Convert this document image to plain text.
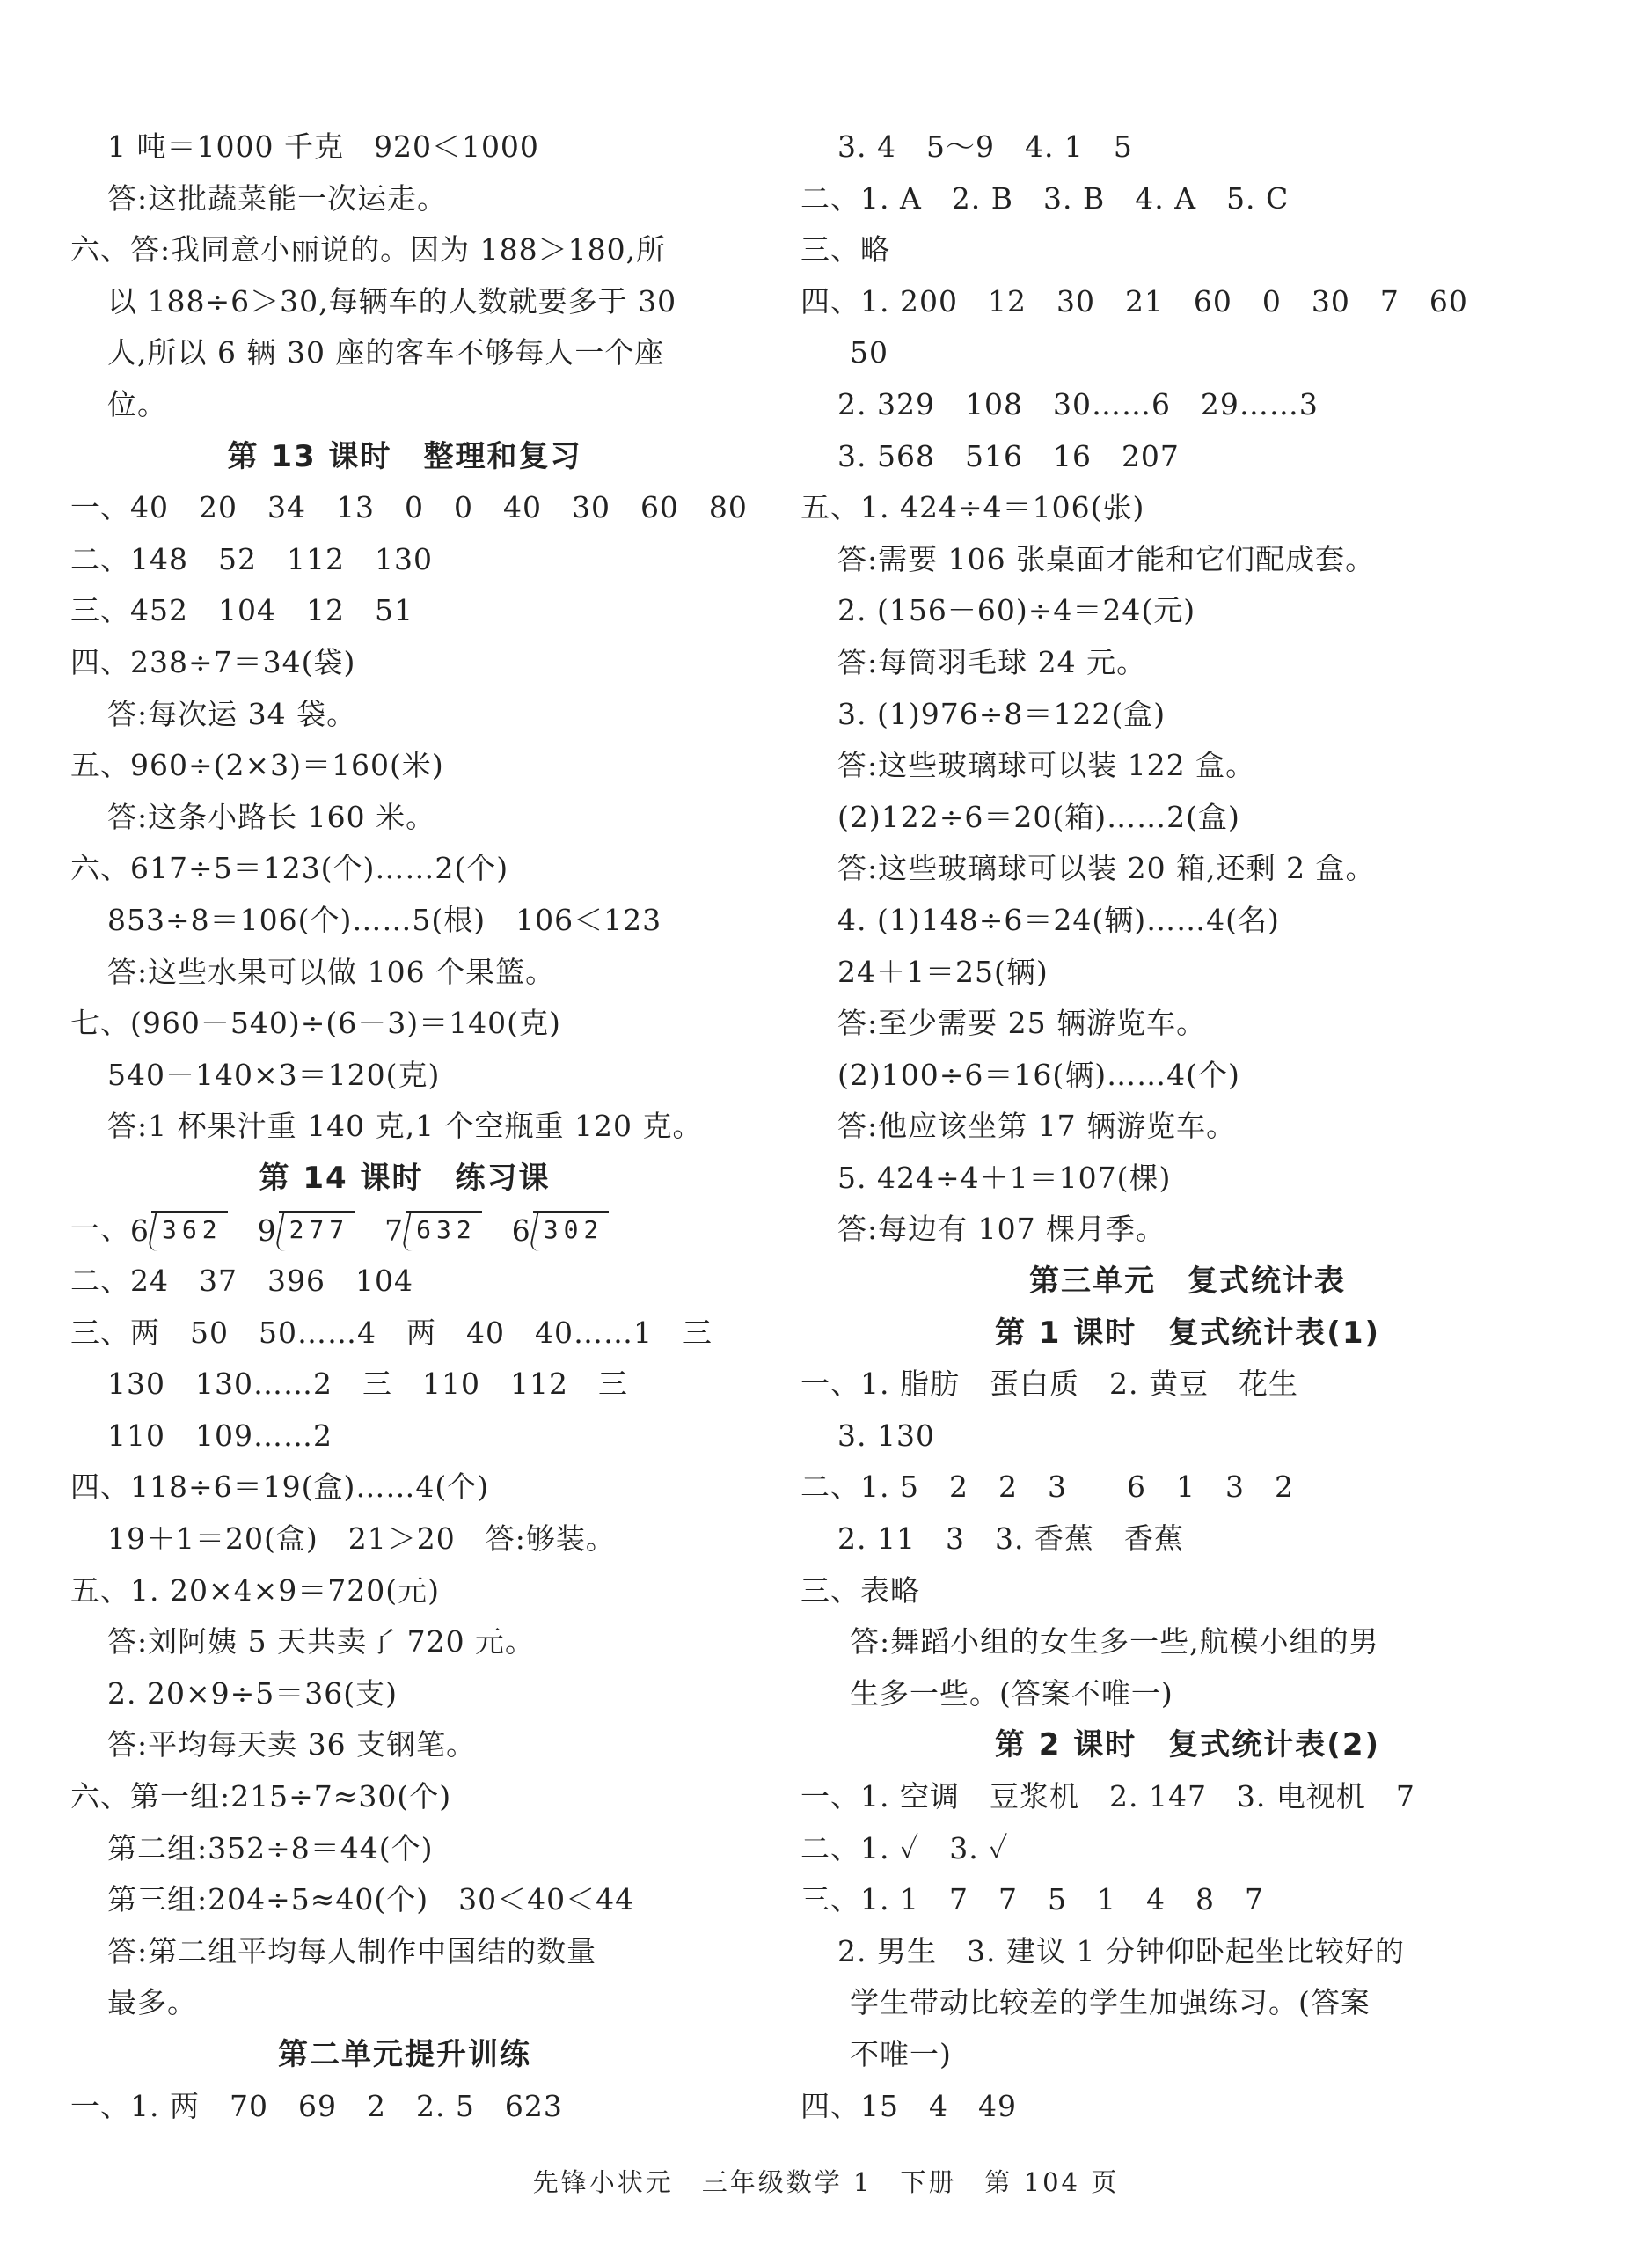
1 吨＝1000 千克　920＜1000
答:这批蔬菜能一次运走。
六、答:我同意小丽说的。因为 188＞180,所
以 188÷6＞30,每辆车的人数就要多于 30
人,所以 6 辆 30 座的客车不够每人一个座
位。
第 13 课时　整理和复习
一、40　20　34　13　0　0　40　30　60　80
二、148　52　112　130
三、452　104　12　51
四、238÷7＝34(袋)
答:每次运 34 袋。
五、960÷(2×3)＝160(米)
答:这条小路长 160 米。
六、617÷5＝123(个)……2(个)
853÷8＝106(个)……5(根)　106＜123
答:这些水果可以做 106 个果篮。
七、(960－540)÷(6－3)＝140(克)
540－140×3＝120(克)
答:1 杯果汁重 140 克,1 个空瓶重 120 克。
第 14 课时　练习课
一、 6 362 9 277 7 632 6 302
二、24　37　396　104
三、两　50　50……4　两　40　40……1　三
130　130……2　三　110　112　三
110　109……2
四、118÷6＝19(盒)……4(个)
19＋1＝20(盒)　21＞20　答:够装。
五、1. 20×4×9＝720(元)
答:刘阿姨 5 天共卖了 720 元。
2. 20×9÷5＝36(支)
答:平均每天卖 36 支钢笔。
六、第一组:215÷7≈30(个)
第二组:352÷8＝44(个)
第三组:204÷5≈40(个)　30＜40＜44
答:第二组平均每人制作中国结的数量
最多。
第二单元提升训练
一、1. 两　70　69　2　2. 5　623
3. 4　5～9　4. 1　5
二、1. A　2. B　3. B　4. A　5. C
三、略
四、1. 200　12　30　21　60　0　30　7　60
50
2. 329　108　30……6　29……3
3. 568　516　16　207
五、1. 424÷4＝106(张)
答:需要 106 张桌面才能和它们配成套。
2. (156－60)÷4＝24(元)
答:每筒羽毛球 24 元。
3. (1)976÷8＝122(盒)
答:这些玻璃球可以装 122 盒。
(2)122÷6＝20(箱)……2(盒)
答:这些玻璃球可以装 20 箱,还剩 2 盒。
4. (1)148÷6＝24(辆)……4(名)
24＋1＝25(辆)
答:至少需要 25 辆游览车。
(2)100÷6＝16(辆)……4(个)
答:他应该坐第 17 辆游览车。
5. 424÷4＋1＝107(棵)
答:每边有 107 棵月季。
第三单元　复式统计表
第 1 课时　复式统计表(1)
一、1. 脂肪　蛋白质　2. 黄豆　花生
3. 130
二、1. 5　2　2　3　　6　1　3　2
2. 11　3　3. 香蕉　香蕉
三、表略
答:舞蹈小组的女生多一些,航模小组的男
生多一些。(答案不唯一)
第 2 课时　复式统计表(2)
一、1. 空调　豆浆机　2. 147　3. 电视机　7
二、1. ✓　3. ✓
三、1. 1　7　7　5　1　4　8　7
2. 男生　3. 建议 1 分钟仰卧起坐比较好的
学生带动比较差的学生加强练习。(答案
不唯一)
四、15　4　49
先锋小状元　三年级数学 1　下册　第 104 页
